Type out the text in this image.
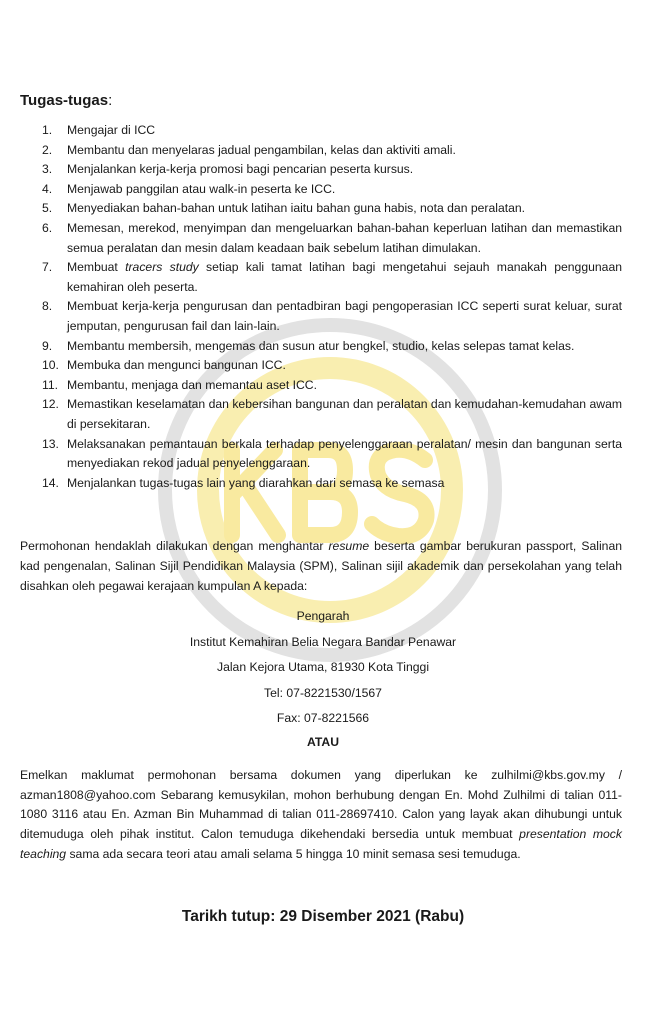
Tugas-tugas:
1. Mengajar di ICC
2. Membantu dan menyelaras jadual pengambilan, kelas dan aktiviti amali.
3. Menjalankan kerja-kerja promosi bagi pencarian peserta kursus.
4. Menjawab panggilan atau walk-in peserta ke ICC.
5. Menyediakan bahan-bahan untuk latihan iaitu bahan guna habis, nota dan peralatan.
6. Memesan, merekod, menyimpan dan mengeluarkan bahan-bahan keperluan latihan dan memastikan semua peralatan dan mesin dalam keadaan baik sebelum latihan dimulakan.
7. Membuat tracers study setiap kali tamat latihan bagi mengetahui sejauh manakah penggunaan kemahiran oleh peserta.
8. Membuat kerja-kerja pengurusan dan pentadbiran bagi pengoperasian ICC seperti surat keluar, surat jemputan, pengurusan fail dan lain-lain.
9. Membantu membersih, mengemas dan susun atur bengkel, studio, kelas selepas tamat kelas.
10. Membuka dan mengunci bangunan ICC.
11. Membantu, menjaga dan memantau aset ICC.
12. Memastikan keselamatan dan kebersihan bangunan dan peralatan dan kemudahan-kemudahan awam di persekitaran.
13. Melaksanakan pemantauan berkala terhadap penyelenggaraan peralatan/ mesin dan bangunan serta menyediakan rekod jadual penyelenggaraan.
14. Menjalankan tugas-tugas lain yang diarahkan dari semasa ke semasa
Permohonan hendaklah dilakukan dengan menghantar resume beserta gambar berukuran passport, Salinan kad pengenalan, Salinan Sijil Pendidikan Malaysia (SPM), Salinan sijil akademik dan persekolahan yang telah disahkan oleh pegawai kerajaan kumpulan A kepada:
Pengarah
Institut Kemahiran Belia Negara Bandar Penawar
Jalan Kejora Utama, 81930 Kota Tinggi
Tel: 07-8221530/1567
Fax: 07-8221566
ATAU
Emelkan maklumat permohonan bersama dokumen yang diperlukan ke zulhilmi@kbs.gov.my / azman1808@yahoo.com Sebarang kemusykilan, mohon berhubung dengan En. Mohd Zulhilmi di talian 011-1080 3116 atau En. Azman Bin Muhammad di talian 011-28697410. Calon yang layak akan dihubungi untuk ditemuduga oleh pihak institut. Calon temuduga dikehendaki bersedia untuk membuat presentation mock teaching sama ada secara teori atau amali selama 5 hingga 10 minit semasa sesi temuduga.
Tarikh tutup: 29 Disember 2021 (Rabu)
